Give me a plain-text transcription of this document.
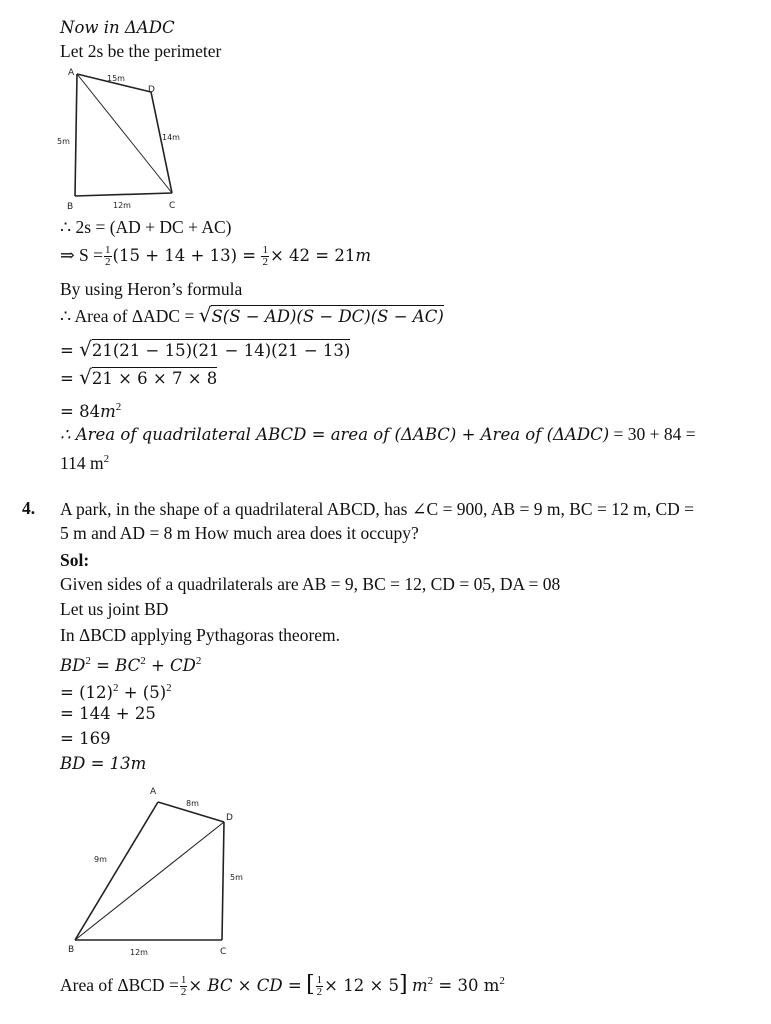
Now in ΔADC
Let 2s be the perimeter
A
D
B	C
15m
5m	14m
12m
∴ 2s = (AD + DC + AC)
⇒ $S = \frac{1}{2} (15 + 14 + 13) = \frac{1}{2} \times 42 = 21m$
By using Heron’s formula
∴ Area of ΔADC = √S(S − AD)(S − DC)(S − AC)
= √21(21 − 15)(21 − 14)(21 − 13)
= √21 × 6 × 7 × 8
= $84m^2$
∴ Area of quadrilateral ABCD = area of (ΔABC) + Area of (ΔADC) = 30 + 84 =
114 $m^2$
4. A park, in the shape of a quadrilateral ABCD, has ∠C = 900, AB = 9 m, BC = 12 m, CD =
5 m and AD = 8 m How much area does it occupy?
Sol:
Given sides of a quadrilaterals are AB = 9, BC = 12, CD = 05, DA = 08
Let us joint BD
In ΔBCD applying Pythagoras theorem.
$BD^2 = BC^2 + CD^2$
= $(12)^2 + (5)^2$
= 144 + 25
= 169
BD = 13m
A
D
B	C
8m
9m
5m
12m
Area of $\Delta BCD = \frac{1}{2}$ × BC × CD = [ $\frac{1}{2} \times 12 \times 5$] $m^2 = 30$ $m^2$
